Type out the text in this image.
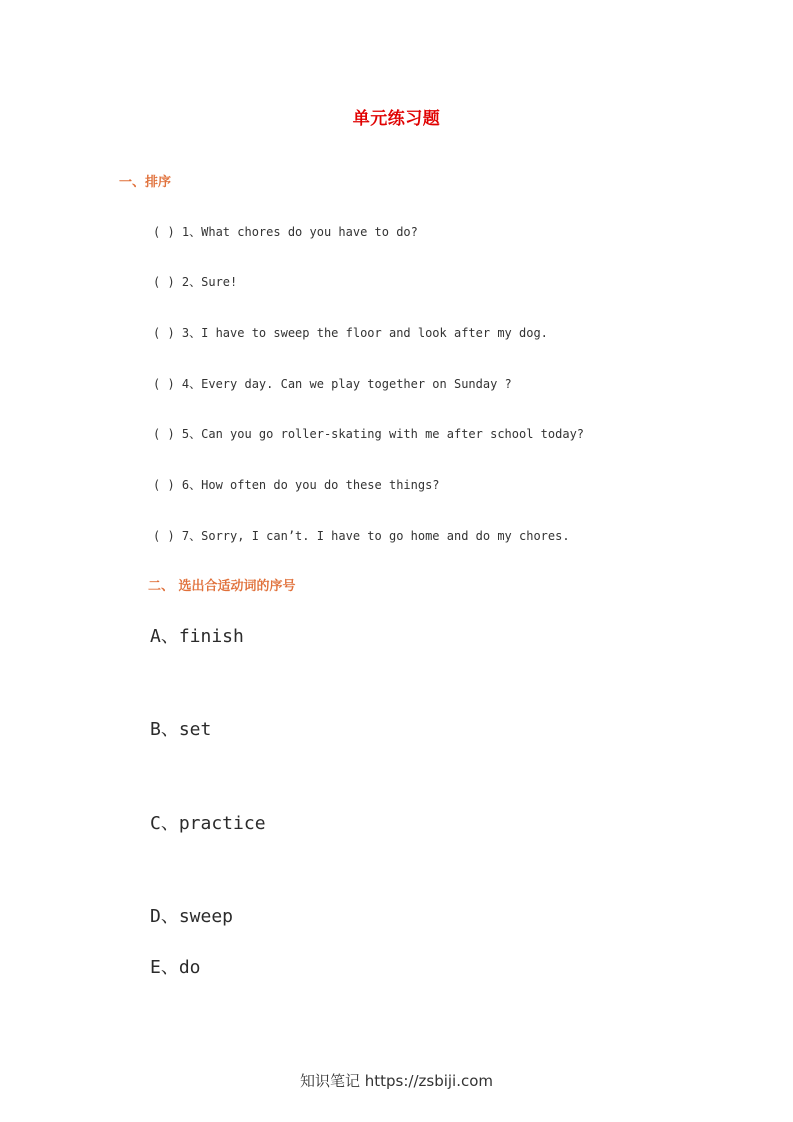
单元练习题
一、排序
( ) 1、What chores do you have to do?
( ) 2、Sure!
( ) 3、I have to sweep the floor and look after my dog.
( ) 4、Every day. Can we play together on Sunday ?
( ) 5、Can you go roller-skating with me after school today?
( ) 6、How often do you do these things?
( ) 7、Sorry, I can’t. I have to go home and do my chores.
二、 选出合适动词的序号
A、finish
B、set
C、practice
D、sweep
E、do
知识笔记 https://zsbiji.com
